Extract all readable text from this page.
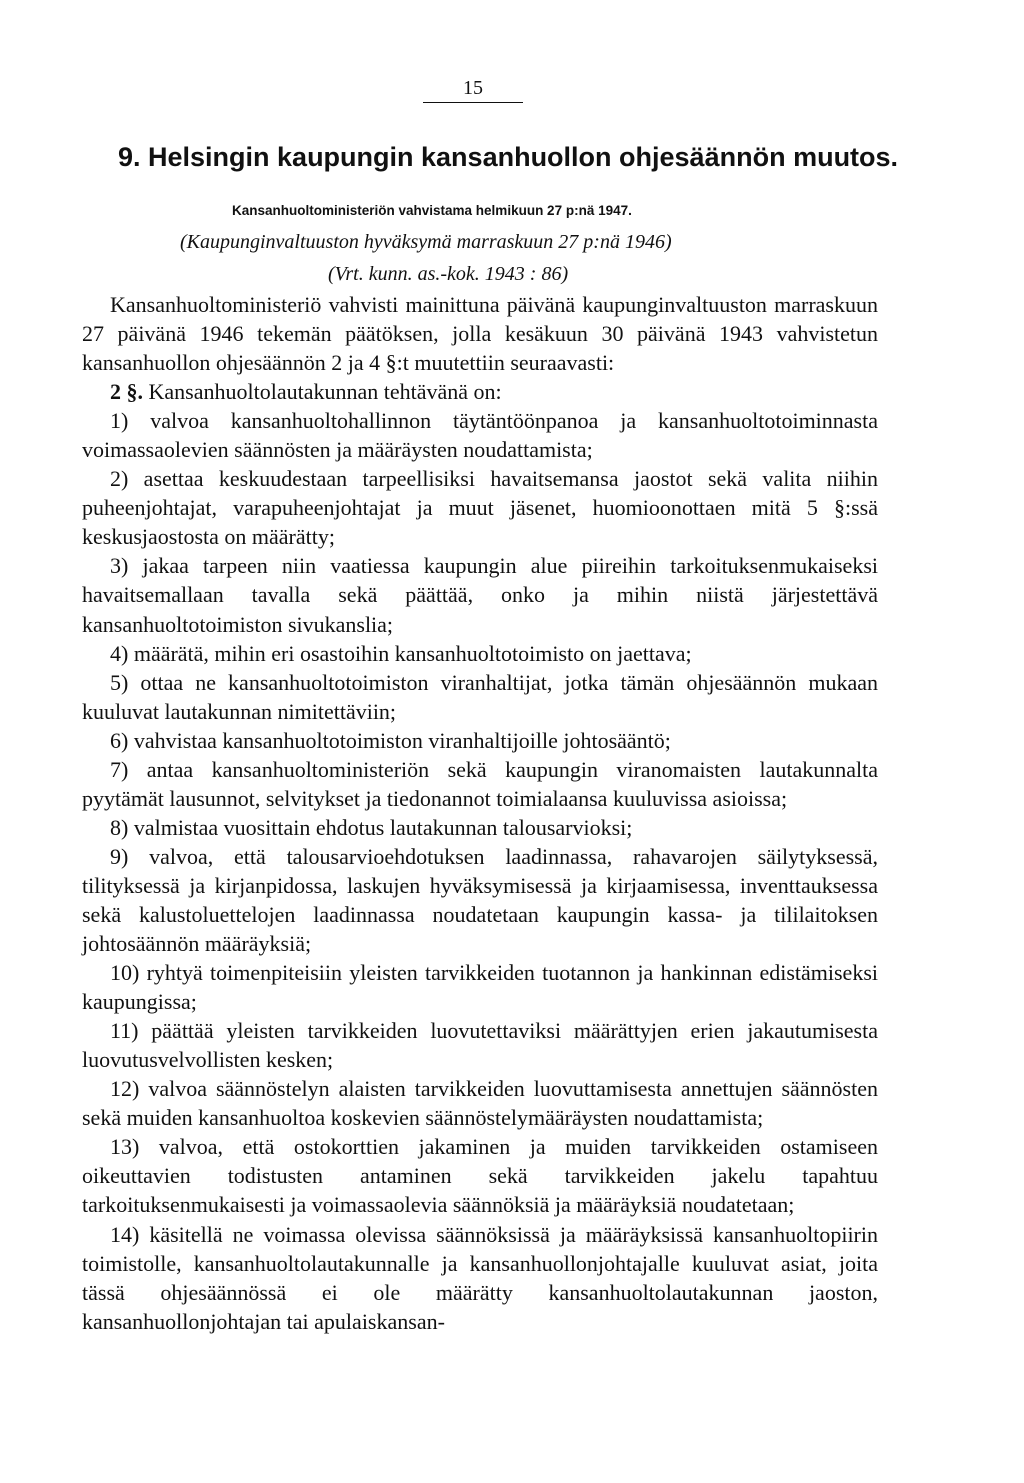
15
9. Helsingin kaupungin kansanhuollon ohjesäännön muutos.
Kansanhuoltoministeriön vahvistama helmikuun 27 p:nä 1947.
(Kaupunginvaltuuston hyväksymä marraskuun 27 p:nä 1946)
(Vrt. kunn. as.-kok. 1943 : 86)

Kansanhuoltoministeriö vahvisti mainittuna päivänä kaupunginvaltuuston marraskuun 27 päivänä 1946 tekemän päätöksen, jolla kesäkuun 30 päivänä 1943 vahvistetun kansanhuollon ohjesäännön 2 ja 4 §:t muutettiin seuraavasti:

2 §. Kansanhuoltolautakunnan tehtävänä on:

1) valvoa kansanhuoltohallinnon täytäntöönpanoa ja kansanhuoltotoiminnasta voimassaolevien säännösten ja määräysten noudattamista;

2) asettaa keskuudestaan tarpeellisiksi havaitsemansa jaostot sekä valita niihin puheenjohtajat, varapuheenjohtajat ja muut jäsenet, huomioonottaen mitä 5 §:ssä keskusjaostosta on määrätty;

3) jakaa tarpeen niin vaatiessa kaupungin alue piireihin tarkoituksenmukaiseksi havaitsemallaan tavalla sekä päättää, onko ja mihin niistä järjestettävä kansanhuoltotoimiston sivukanslia;

4) määrätä, mihin eri osastoihin kansanhuoltotoimisto on jaettava;

5) ottaa ne kansanhuoltotoimiston viranhaltijat, jotka tämän ohjesäännön mukaan kuuluvat lautakunnan nimitettäviin;

6) vahvistaa kansanhuoltotoimiston viranhaltijoille johtosääntö;

7) antaa kansanhuoltoministeriön sekä kaupungin viranomaisten lautakunnalta pyytämät lausunnot, selvitykset ja tiedonannot toimialaansa kuuluvissa asioissa;

8) valmistaa vuosittain ehdotus lautakunnan talousarvioksi;

9) valvoa, että talousarvioehdotuksen laadinnassa, rahavarojen säilytyksessä, tilityksessä ja kirjanpidossa, laskujen hyväksymisessä ja kirjaamisessa, inventtauksessa sekä kalustoluettelojen laadinnassa noudatetaan kaupungin kassa- ja tililaitoksen johtosäännön määräyksiä;

10) ryhtyä toimenpiteisiin yleisten tarvikkeiden tuotannon ja hankinnan edistämiseksi kaupungissa;

11) päättää yleisten tarvikkeiden luovutettaviksi määrättyjen erien jakautumisesta luovutusvelvollisten kesken;

12) valvoa säännöstelyn alaisten tarvikkeiden luovuttamisesta annettujen säännösten sekä muiden kansanhuoltoa koskevien säännöstelymääräysten noudattamista;

13) valvoa, että ostokorttien jakaminen ja muiden tarvikkeiden ostamiseen oikeuttavien todistusten antaminen sekä tarvikkeiden jakelu tapahtuu tarkoituksenmukaisesti ja voimassaolevia säännöksiä ja määräyksiä noudatetaan;

14) käsitellä ne voimassa olevissa säännöksissä ja määräyksissä kansanhuoltopiirin toimistolle, kansanhuoltolautakunnalle ja kansanhuollonjohtajalle kuuluvat asiat, joita tässä ohjesäännössä ei ole määrätty kansanhuoltolautakunnan jaoston, kansanhuollonjohtajan tai apulaiskansan-
